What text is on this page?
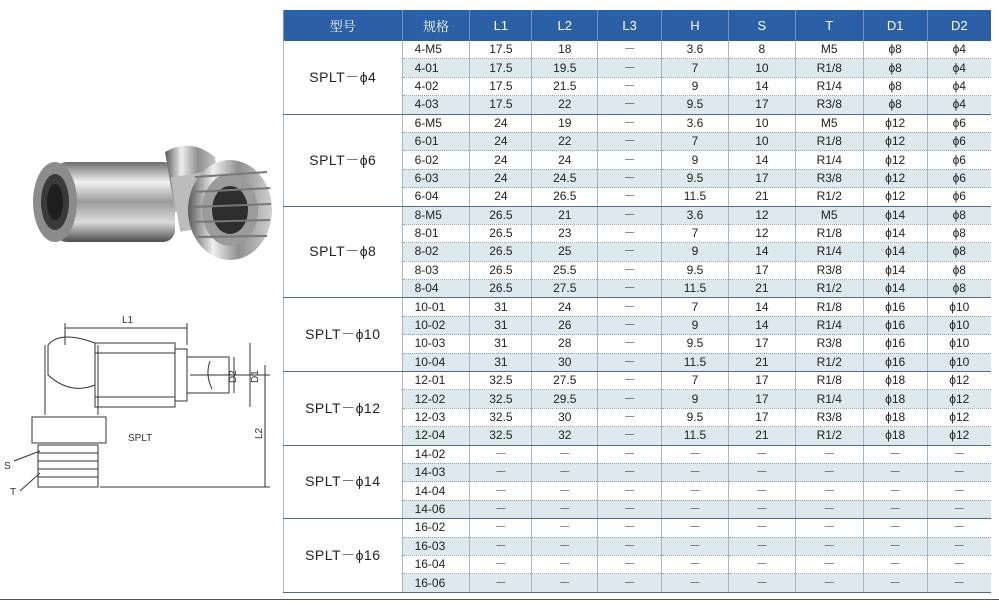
L1
SPLT
S
T
D2 D1
L2
型号	规格	L1	L2	L3	H	S	T	D1	D2
SPLT－ϕ4	4-M5	17.5	18	－	3.6	8	M5	ϕ8	ϕ4
	4-01	17.5	19.5	－	7	10	R1/8	ϕ8	ϕ4
	4-02	17.5	21.5	－	9	14	R1/4	ϕ8	ϕ4
	4-03	17.5	22	－	9.5	17	R3/8	ϕ8	ϕ4
SPLT－ϕ6	6-M5	24	19	－	3.6	10	M5	ϕ12	ϕ6
	6-01	24	22	－	7	10	R1/8	ϕ12	ϕ6
	6-02	24	24	－	9	14	R1/4	ϕ12	ϕ6
	6-03	24	24.5	－	9.5	17	R3/8	ϕ12	ϕ6
	6-04	24	26.5	－	11.5	21	R1/2	ϕ12	ϕ6
SPLT－ϕ8	8-M5	26.5	21	－	3.6	12	M5	ϕ14	ϕ8
	8-01	26.5	23	－	7	12	R1/8	ϕ14	ϕ8
	8-02	26.5	25	－	9	14	R1/4	ϕ14	ϕ8
	8-03	26.5	25.5	－	9.5	17	R3/8	ϕ14	ϕ8
	8-04	26.5	27.5	－	11.5	21	R1/2	ϕ14	ϕ8
SPLT－ϕ10	10-01	31	24	－	7	14	R1/8	ϕ16	ϕ10
	10-02	31	26	－	9	14	R1/4	ϕ16	ϕ10
	10-03	31	28	－	9.5	17	R3/8	ϕ16	ϕ10
	10-04	31	30	－	11.5	21	R1/2	ϕ16	ϕ10
SPLT－ϕ12	12-01	32.5	27.5	－	7	17	R1/8	ϕ18	ϕ12
	12-02	32.5	29.5	－	9	17	R1/4	ϕ18	ϕ12
	12-03	32.5	30	－	9.5	17	R3/8	ϕ18	ϕ12
	12-04	32.5	32	－	11.5	21	R1/2	ϕ18	ϕ12
SPLT－ϕ14	14-02	－	－	－	－	－	－	－	－
	14-03	－	－	－	－	－	－	－	－
	14-04	－	－	－	－	－	－	－	－
	14-06	－	－	－	－	－	－	－	－
SPLT－ϕ16	16-02	－	－	－	－	－	－	－	－
	16-03	－	－	－	－	－	－	－	－
	16-04	－	－	－	－	－	－	－	－
	16-06	－	－	－	－	－	－	－	－
